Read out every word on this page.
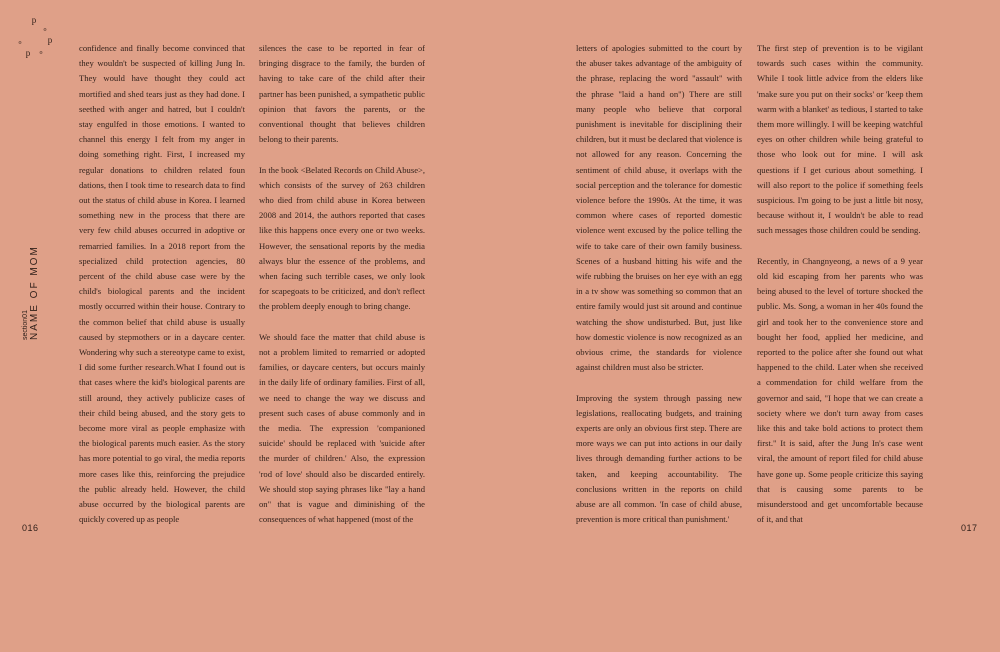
p
o
p
o
p
o
section01 NAME OF MOM

confidence and finally become convinced that they wouldn't be suspected of killing Jung In. They would have thought they could act mortified and shed tears just as they had done. I seethed with anger and hatred, but I couldn't stay engulfed in those emotions. I wanted to channel this energy I felt from my anger in doing something right. First, I increased my regular donations to children related foun dations, then I took time to research data to find out the status of child abuse in Korea. I learned something new in the process that there are very few child abuses occurred in adoptive or remarried families. In a 2018 report from the specialized child protection agencies, 80 percent of the child abuse case were by the child's biological parents and the incident mostly occurred within their house. Contrary to the common belief that child abuse is usually caused by stepmothers or in a daycare center. Wondering why such a stereotype came to exist, I did some further research.What I found out is that cases where the kid's biological parents are still around, they actively publicize cases of their child being abused, and the story gets to become more viral as people emphasize with the biological parents much easier. As the story has more potential to go viral, the media reports more cases like this, reinforcing the prejudice the public already held. However, the child abuse occurred by the biological parents are quickly covered up as people

silences the case to be reported in fear of bringing disgrace to the family, the burden of having to take care of the child after their partner has been punished, a sympathetic public opinion that favors the parents, or the conventional thought that believes children belong to their parents.

In the book <Belated Records on Child Abuse>, which consists of the survey of 263 children who died from child abuse in Korea between 2008 and 2014, the authors reported that cases like this happens once every one or two weeks. However, the sensational reports by the media always blur the essence of the problems, and when facing such terrible cases, we only look for scapegoats to be criticized, and don't reflect the problem deeply enough to bring change.

We should face the matter that child abuse is not a problem limited to remarried or adopted families, or daycare centers, but occurs mainly in the daily life of ordinary families. First of all, we need to change the way we discuss and present such cases of abuse commonly and in the media. The expression 'companioned suicide' should be replaced with 'suicide after the murder of children.' Also, the expression 'rod of love' should also be discarded entirely. We should stop saying phrases like "lay a hand on" that is vague and diminishing of the consequences of what happened (most of the

016

letters of apologies submitted to the court by the abuser takes advantage of the ambiguity of the phrase, replacing the word "assault" with the phrase "laid a hand on") There are still many people who believe that corporal punishment is inevitable for disciplining their children, but it must be declared that violence is not allowed for any reason. Concerning the sentiment of child abuse, it overlaps with the social perception and the tolerance for domestic violence before the 1990s. At the time, it was common where cases of reported domestic violence went excused by the police telling the wife to take care of their own family business. Scenes of a husband hitting his wife and the wife rubbing the bruises on her eye with an egg in a tv show was something so common that an entire family would just sit around and continue watching the show undisturbed. But, just like how domestic violence is now recognized as an obvious crime, the standards for violence against children must also be stricter.

Improving the system through passing new legislations, reallocating budgets, and training experts are only an obvious first step. There are more ways we can put into actions in our daily lives through demanding further actions to be taken, and keeping accountability. The conclusions written in the reports on child abuse are all common. 'In case of child abuse, prevention is more critical than punishment.'

The first step of prevention is to be vigilant towards such cases within the community. While I took little advice from the elders like 'make sure you put on their socks' or 'keep them warm with a blanket' as tedious, I started to take them more willingly. I will be keeping watchful eyes on other children while being grateful to those who look out for mine. I will ask questions if I get curious about something. I will also report to the police if something feels suspicious. I'm going to be just a little bit nosy, because without it, I wouldn't be able to read such messages those children could be sending.

Recently, in Changnyeong, a news of a 9 year old kid escaping from her parents who was being abused to the level of torture shocked the public. Ms. Song, a woman in her 40s found the girl and took her to the convenience store and bought her food, applied her medicine, and reported to the police after she found out what happened to the child. Later when she received a commendation for child welfare from the governor and said, "I hope that we can create a society where we don't turn away from cases like this and take bold actions to protect them first." It is said, after the Jung In's case went viral, the amount of report filed for child abuse have gone up. Some people criticize this saying that is causing some parents to be misunderstood and get uncomfortable because of it, and that

017
